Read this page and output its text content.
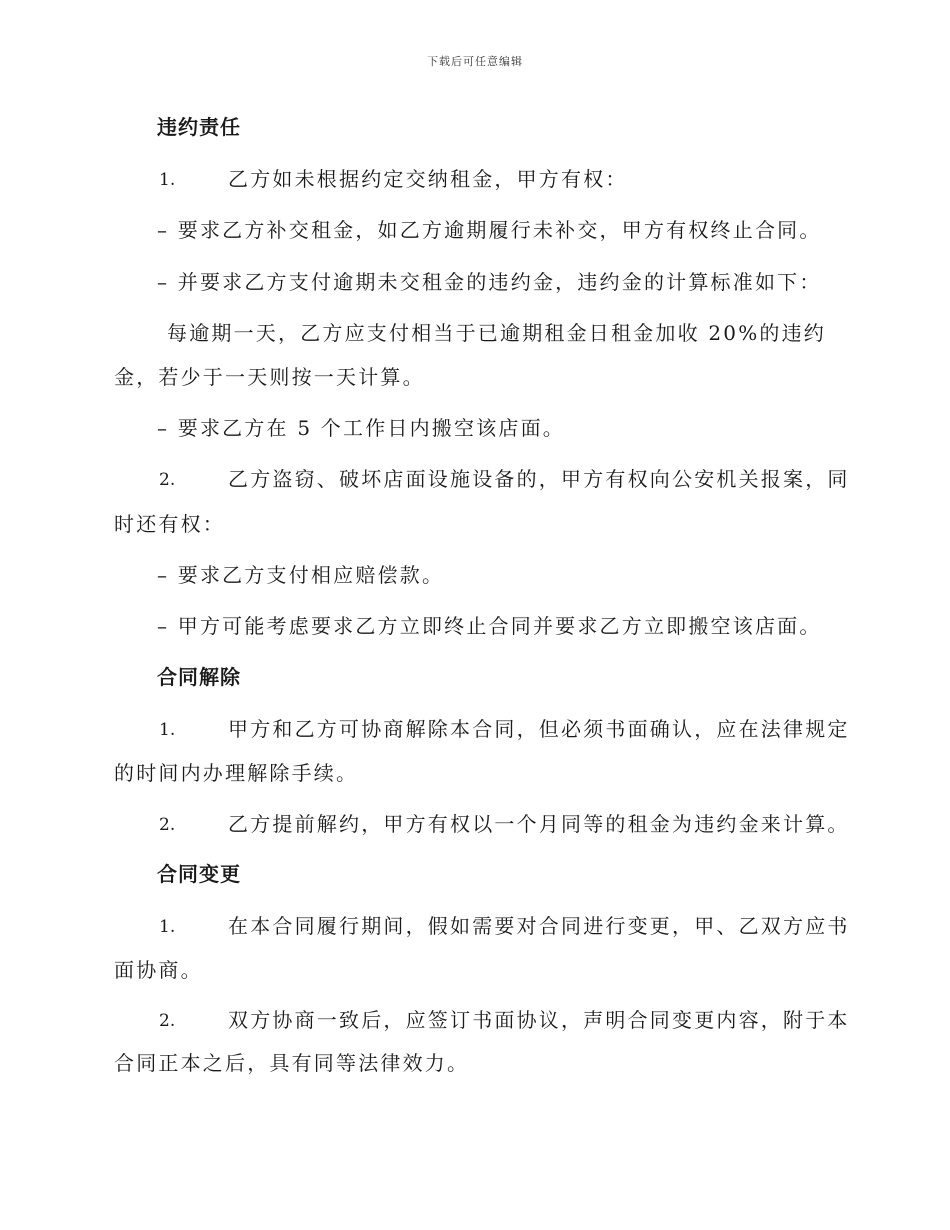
下载后可任意编辑
违约责任
1.	乙方如未根据约定交纳租金，甲方有权：
– 要求乙方补交租金，如乙方逾期履行未补交，甲方有权终止合同。
– 并要求乙方支付逾期未交租金的违约金，违约金的计算标准如下：
每逾期一天，乙方应支付相当于已逾期租金日租金加收 20%的违约
金，若少于一天则按一天计算。
– 要求乙方在 5 个工作日内搬空该店面。
2.	乙方盗窃、破坏店面设施设备的，甲方有权向公安机关报案，同
时还有权：
– 要求乙方支付相应赔偿款。
– 甲方可能考虑要求乙方立即终止合同并要求乙方立即搬空该店面。
合同解除
1.	甲方和乙方可协商解除本合同，但必须书面确认，应在法律规定
的时间内办理解除手续。
2.	乙方提前解约，甲方有权以一个月同等的租金为违约金来计算。
合同变更
1.	在本合同履行期间，假如需要对合同进行变更，甲、乙双方应书
面协商。
2.	双方协商一致后，应签订书面协议，声明合同变更内容，附于本
合同正本之后，具有同等法律效力。
